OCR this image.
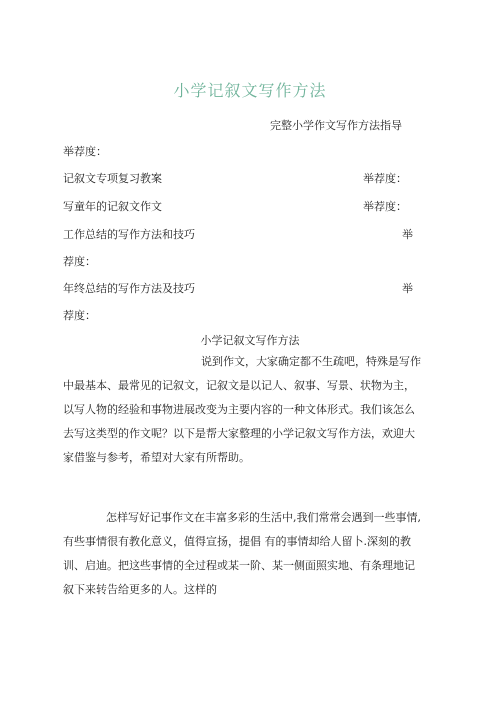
小学记叙文写作方法
完整小学作文写作方法指导
举荐度：
记叙文专项复习教案	举荐度：
写童年的记叙文作文	举荐度：
工作总结的写作方法和技巧	举
荐度：
年终总结的写作方法及技巧	举
荐度：
小学记叙文写作方法

说到作文，大家确定都不生疏吧，特殊是写作

中最基本、最常见的记叙文，记叙文是以记人、叙事、写景、状物为主，

以写人物的经验和事物进展改变为主要内容的一种文体形式。我们该怎么

去写这类型的作文呢？以下是帮大家整理的小学记叙文写作方法，欢迎大

家借鉴与参考，希望对大家有所帮助。

怎样写好记事作文在丰富多彩的生活中,我们常常会遇到一些事情,

有些事情很有教化意义，值得宣扬，提倡 有的事情却给人留卜.深刻的教

训、启迪。把这些事情的全过程或某一阶、某一侧面照实地、有条理地记

叙下来转告给更多的人。这样的
